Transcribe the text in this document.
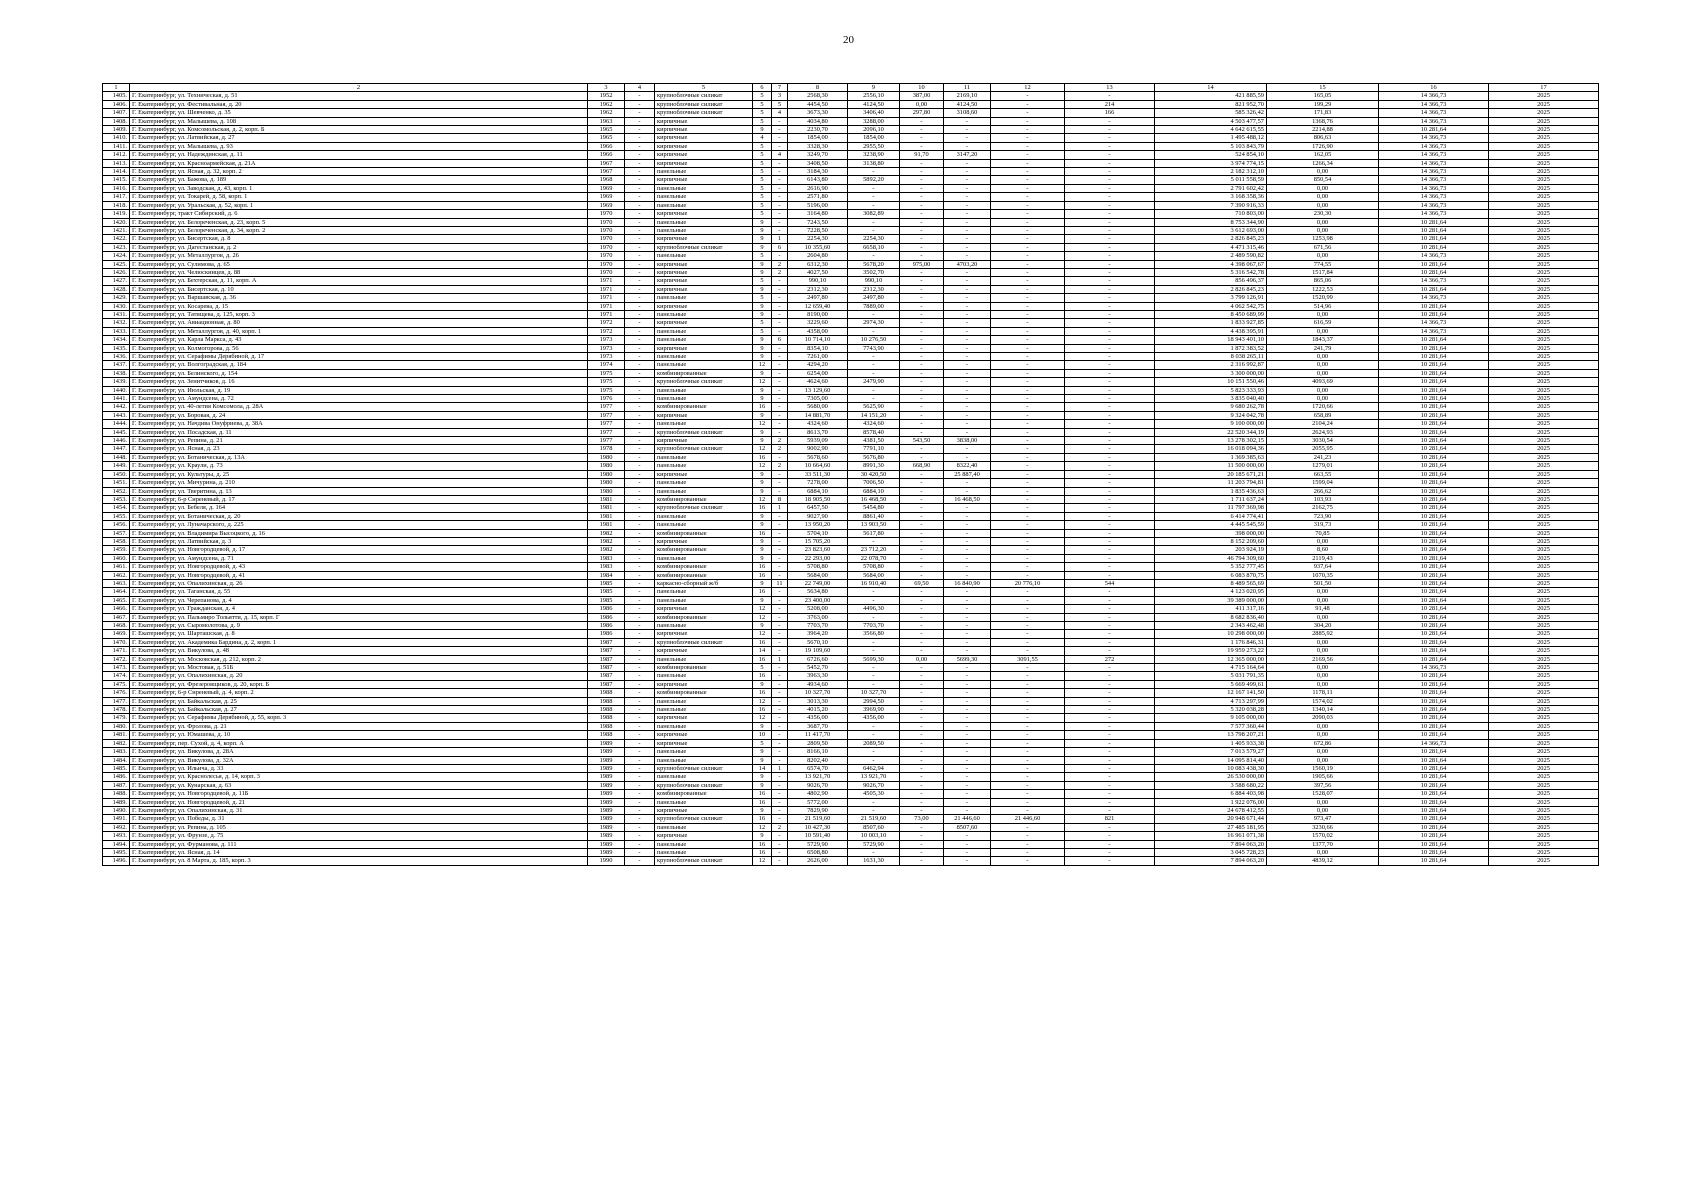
20
1	2	3	4	5	6	7	8	9	10	11	12	13	14	15	16	17
1405.	Г. Екатеринбург, ул. Техническая, д. 51	1952	-	крупноблочные силикат	5	3	2568,30	2556,10	387,00	2169,10	-	-	421 885,59	165,05	14 366,73	2025
1406.	Г. Екатеринбург, ул. Фестивальная, д. 20	1962	-	крупноблочные силикат	5	5	4454,50	4124,50	0,00	4124,50	-	214	821 952,70	199,29	14 366,73	2025
1407.	Г. Екатеринбург, ул. Шевченко, д. 35	1962	-	крупноблочные силикат	5	4	3673,30	3406,40	297,80	3108,60	-	166	585 326,42	171,83	14 366,73	2025
1408.	Г. Екатеринбург, ул. Малышева, д. 108	1963	-	кирпичные	5	-	4034,80	3288,00	-	-	-	-	4 503 477,57	1368,76	14 366,73	2025
1409.	Г. Екатеринбург, ул. Комсомольская, д. 2, корп. Б	1965	-	кирпичные	9	-	2230,70	2096,10	-	-	-	-	4 642 615,55	2214,88	10 281,64	2025
1410.	Г. Екатеринбург, ул. Латвийская, д. 27	1965	-	кирпичные	4	-	1854,00	1854,00	-	-	-	-	1 495 488,12	806,63	14 366,73	2025
1411.	Г. Екатеринбург, ул. Малышева, д. 93	1966	-	кирпичные	5	-	3328,30	2955,50	-	-	-	-	5 103 843,79	1726,90	14 366,73	2025
1412.	Г. Екатеринбург, ул. Надеждинская, д. 11	1966	-	кирпичные	5	4	3249,70	3238,90	91,70	3147,20	-	-	524 854,10	162,05	14 366,73	2025
1413.	Г. Екатеринбург, ул. Красноармейская, д. 21А	1967	-	кирпичные	5	-	3408,50	3138,80	-	-	-	-	3 974 774,15	1266,34	14 366,73	2025
1414.	Г. Екатеринбург, ул. Ясная, д. 32, корп. 2	1967	-	панельные	5	-	3184,30	-	-	-	-	-	2 182 312,10	0,00	14 366,73	2025
1415.	Г. Екатеринбург, ул. Бажова, д. 189	1968	-	кирпичные	5	-	6143,80	5892,20	-	-	-	-	5 011 558,59	850,54	14 366,73	2025
1416.	Г. Екатеринбург, ул. Заводская, д. 43, корп. 1	1969	-	панельные	5	-	2616,90	-	-	-	-	-	2 791 602,42	0,00	14 366,73	2025
1417.	Г. Екатеринбург, ул. Токарей, д. 58, корп. 1	1969	-	панельные	5	-	2571,80	-	-	-	-	-	3 168 358,36	0,00	14 366,73	2025
1418.	Г. Екатеринбург, ул. Уральская, д. 52, корп. 1	1969	-	панельные	5	-	5196,00	-	-	-	-	-	7 390 916,33	0,00	14 366,73	2025
1419.	Г. Екатеринбург, тракт Сибирский, д. 6	1970	-	кирпичные	5	-	3164,80	3082,89	-	-	-	-	710 803,00	230,30	14 366,73	2025
1420.	Г. Екатеринбург, ул. Белореченская, д. 23, корп. 5	1970	-	панельные	9	-	7243,50	-	-	-	-	-	8 753 344,90	0,00	10 281,64	2025
1421.	Г. Екатеринбург, ул. Белореченская, д. 34, корп. 2	1970	-	панельные	9	-	7228,50	-	-	-	-	-	3 612 693,00	0,00	10 281,64	2025
1422.	Г. Екатеринбург, ул. Бисертская, д. 8	1970	-	кирпичные	9	1	2254,30	2254,30	-	-	-	-	2 826 845,23	1253,98	10 281,64	2025
1423.	Г. Екатеринбург, ул. Дагестанская, д. 2	1970	-	крупноблочные силикат	9	6	10 355,60	6658,10	-	-	-	-	4 471 315,46	671,56	10 281,64	2025
1424.	Г. Екатеринбург, ул. Металлургов, д. 26	1970	-	панельные	5	-	2604,80	-	-	-	-	-	2 489 590,82	0,00	14 366,73	2025
1425.	Г. Екатеринбург, ул. Сулимова, д. 65	1970	-	кирпичные	9	2	6312,30	5678,20	975,00	4703,20	-	-	4 398 067,67	774,55	10 281,64	2025
1426.	Г. Екатеринбург, ул. Челюскинцев, д. 88	1970	-	кирпичные	9	2	4027,50	3502,70	-	-	-	-	5 316 542,78	1517,84	10 281,64	2025
1427.	Г. Екатеринбург, ул. Бехтерская, д. 11, корп. А	1971	-	кирпичные	5	-	990,10	990,10	-	-	-	-	856 496,37	865,06	14 366,73	2025
1428.	Г. Екатеринбург, ул. Бисертская, д. 10	1971	-	кирпичные	9	-	2312,30	2312,30	-	-	-	-	2 826 845,23	1222,53	10 281,64	2025
1429.	Г. Екатеринбург, ул. Варшавская, д. 36	1971	-	панельные	5	-	2497,80	2497,80	-	-	-	-	3 799 126,91	1520,99	14 366,73	2025
1430.	Г. Екатеринбург, ул. Косарева, д. 15	1971	-	кирпичные	9	-	12 659,40	7889,00	-	-	-	-	4 062 542,75	514,96	10 281,64	2025
1431.	Г. Екатеринбург, ул. Татищева, д. 125, корп. 3	1971	-	панельные	9	-	8190,00	-	-	-	-	-	8 450 689,99	0,00	10 281,64	2025
1432.	Г. Екатеринбург, ул. Авиационная, д. 80	1972	-	кирпичные	5	-	3229,60	2974,30	-	-	-	-	1 833 927,85	616,59	14 366,73	2025
1433.	Г. Екатеринбург, ул. Металлургов, д. 40, корп. 1	1972	-	панельные	5	-	4358,00	-	-	-	-	-	4 438 395,91	0,00	14 366,73	2025
1434.	Г. Екатеринбург, ул. Карла Маркса, д. 43	1973	-	панельные	9	6	10 714,10	10 276,50	-	-	-	-	18 943 401,10	1843,37	10 281,64	2025
1435.	Г. Екатеринбург, ул. Колмогорова, д. 56	1973	-	кирпичные	9	-	8354,10	7743,90	-	-	-	-	1 872 383,52	241,79	10 281,64	2025
1436.	Г. Екатеринбург, ул. Серафимы Дерябиной, д. 17	1973	-	панельные	9	-	7261,00	-	-	-	-	-	8 038 265,11	0,00	10 281,64	2025
1437.	Г. Екатеринбург, ул. Волгоградская, д. 184	1974	-	панельные	12	-	4294,20	-	-	-	-	-	2 316 992,87	0,00	10 281,64	2025
1438.	Г. Екатеринбург, ул. Белинского, д. 154	1975	-	комбинированные	9	-	6254,00	-	-	-	-	-	3 300 000,00	0,00	10 281,64	2025
1439.	Г. Екатеринбург, ул. Зенитчиков, д. 16	1975	-	крупноблочные силикат	12	-	4624,60	2479,90	-	-	-	-	10 151 550,46	4093,69	10 281,64	2025
1440.	Г. Екатеринбург, ул. Июльская, д. 19	1975	-	панельные	9	-	13 129,60	-	-	-	-	-	5 823 333,93	0,00	10 281,64	2025
1441.	Г. Екатеринбург, ул. Амундсена, д. 72	1976	-	панельные	9	-	7305,00	-	-	-	-	-	3 835 040,40	0,00	10 281,64	2025
1442.	Г. Екатеринбург, ул. 40-летия Комсомола, д. 28А	1977	-	комбинированные	16	-	5680,00	5625,90	-	-	-	-	9 680 262,78	1720,66	10 281,64	2025
1443.	Г. Екатеринбург, ул. Боровая, д. 24	1977	-	кирпичные	9	-	14 881,70	14 151,20	-	-	-	-	9 324 042,78	658,89	10 281,64	2025
1444.	Г. Екатеринбург, ул. Начдива Онуфриева, д. 38А	1977	-	панельные	12	-	4324,60	4324,60	-	-	-	-	9 100 000,00	2104,24	10 281,64	2025
1445.	Г. Екатеринбург, ул. Посадская, д. 11	1977	-	крупноблочные силикат	9	-	8613,70	8578,40	-	-	-	-	22 520 344,19	2624,93	10 281,64	2025
1446.	Г. Екатеринбург, ул. Репина, д. 21	1977	-	кирпичные	9	2	5939,09	4381,50	543,50	3838,00	-	-	13 278 302,15	3030,54	10 281,64	2025
1447.	Г. Екатеринбург, ул. Ясная, д. 23	1978	-	крупноблочные силикат	12	2	9002,90	7791,10	-	-	-	-	16 018 094,36	2055,95	10 281,64	2025
1448.	Г. Екатеринбург, ул. Ботаническая, д. 13А	1980	-	панельные	16	-	5678,60	5676,80	-	-	-	-	1 369 385,63	241,23	10 281,64	2025
1449.	Г. Екатеринбург, ул. Краули, д. 73	1980	-	панельные	12	2	10 664,60	8991,30	668,90	8322,40	-	-	11 500 000,00	1279,01	10 281,64	2025
1450.	Г. Екатеринбург, ул. Культуры, д. 25	1980	-	кирпичные	9	-	33 511,30	30 420,50	-	25 887,40	-	-	20 185 671,21	663,55	10 281,64	2025
1451.	Г. Екатеринбург, ул. Мичурина, д. 210	1980	-	панельные	9	-	7278,00	7006,50	-	-	-	-	11 203 794,81	1599,04	10 281,64	2025
1452.	Г. Екатеринбург, ул. Тверитина, д. 13	1980	-	панельные	9	-	6884,10	6884,10	-	-	-	-	1 835 436,63	266,62	10 281,64	2025
1453.	Г. Екатеринбург, 6-р Сиреневый, д. 17	1981	-	комбинированные	12	8	18 905,50	16 468,50	-	16 468,50	-	-	1 711 637,24	103,93	10 281,64	2025
1454.	Г. Екатеринбург, ул. Бебеля, д. 164	1981	-	крупноблочные силикат	16	1	6457,50	5454,80	-	-	-	-	11 797 369,98	2162,75	10 281,64	2025
1455.	Г. Екатеринбург, ул. Ботаническая, д. 20	1981	-	панельные	9	-	9027,90	8861,40	-	-	-	-	6 414 774,41	723,90	10 281,64	2025
1456.	Г. Екатеринбург, ул. Луначарского, д. 225	1981	-	панельные	9	-	13 950,20	13 903,50	-	-	-	-	4 445 545,59	319,73	10 281,64	2025
1457.	Г. Екатеринбург, ул. Владимира Высоцкого, д. 16	1982	-	комбинированные	16	-	5704,10	5617,80	-	-	-	-	398 000,00	70,85	10 281,64	2025
1458.	Г. Екатеринбург, ул. Латвийская, д. 3	1982	-	кирпичные	9	-	15 705,20	-	-	-	-	-	8 152 209,60	0,00	10 281,64	2025
1459.	Г. Екатеринбург, ул. Новгородцевой, д. 17	1982	-	комбинированные	9	-	23 823,60	23 712,20	-	-	-	-	203 924,19	8,60	10 281,64	2025
1460.	Г. Екатеринбург, ул. Амундсена, д. 71	1983	-	панельные	9	-	22 293,00	22 078,70	-	-	-	-	46 794 309,60	2119,43	10 281,64	2025
1461.	Г. Екатеринбург, ул. Новгородцевой, д. 43	1983	-	комбинированные	16	-	5708,80	5708,80	-	-	-	-	5 352 777,45	937,64	10 281,64	2025
1462.	Г. Екатеринбург, ул. Новгородцевой, д. 41	1984	-	комбинированные	16	-	5684,00	5684,00	-	-	-	-	6 083 870,75	1070,35	10 281,64	2025
1463.	Г. Екатеринбург, ул. Опалихинская, д. 26	1985	-	каркасно-сборный ж/б	9	11	22 749,00	16 910,40	69,50	16 840,90	20 776,10	544	8 489 565,69	501,50	10 281,64	2025
1464.	Г. Екатеринбург, ул. Таганская, д. 55	1985	-	панельные	16	-	5634,80	-	-	-	-	-	4 123 020,95	0,00	10 281,64	2025
1465.	Г. Екатеринбург, ул. Черепанова, д. 4	1985	-	панельные	9	-	23 400,00	-	-	-	-	-	39 389 000,00	0,00	10 281,64	2025
1466.	Г. Екатеринбург, ул. Гражданская, д. 4	1986	-	кирпичные	12	-	5208,00	4496,30	-	-	-	-	411 317,16	91,48	10 281,64	2025
1467.	Г. Екатеринбург, ул. Пальмиро Тольятти, д. 15, корп. Г	1986	-	комбинированные	12	-	3763,00	-	-	-	-	-	8 682 836,40	0,00	10 281,64	2025
1468.	Г. Екатеринбург, ул. Сыромолотова, д. 9	1986	-	панельные	9	-	7703,70	7703,70	-	-	-	-	2 343 462,48	304,20	10 281,64	2025
1469.	Г. Екатеринбург, ул. Шарташская, д. 8	1986	-	кирпичные	12	-	3964,20	3566,80	-	-	-	-	10 298 000,00	2885,92	10 281,64	2025
1470.	Г. Екатеринбург, ул. Академика Бардина, д. 2, корп. 1	1987	-	крупноблочные силикат	16	-	5670,10	-	-	-	-	-	1 176 846,31	0,00	10 281,64	2025
1471.	Г. Екатеринбург, ул. Викулова, д. 48	1987	-	кирпичные	14	-	19 109,60	-	-	-	-	-	19 959 273,22	0,00	10 281,64	2025
1472.	Г. Екатеринбург, ул. Московская, д. 212, корп. 2	1987	-	панельные	16	1	6726,60	5699,30	0,00	5699,30	3091,55	272	12 365 000,00	2169,56	10 281,64	2025
1473.	Г. Екатеринбург, ул. Мостовая, д. 51Б	1987	-	комбинированные	5	-	5452,70	-	-	-	-	-	4 715 164,64	0,00	14 366,73	2025
1474.	Г. Екатеринбург, ул. Опалихинская, д. 20	1987	-	панельные	16	-	3963,30	-	-	-	-	-	5 031 791,35	0,00	10 281,64	2025
1475.	Г. Екатеринбург, ул. Фрезеровщиков, д. 20, корп. Б	1987	-	кирпичные	9	-	4934,60	-	-	-	-	-	5 669 499,61	0,00	10 281,64	2025
1476.	Г. Екатеринбург, 6-р Сиреневый, д. 4, корп. 2	1988	-	комбинированные	16	-	10 327,70	10 327,70	-	-	-	-	12 167 141,50	1178,11	10 281,64	2025
1477.	Г. Екатеринбург, ул. Байкальская, д. 25	1988	-	панельные	12	-	3013,30	2994,50	-	-	-	-	4 713 297,99	1574,02	10 281,64	2025
1478.	Г. Екатеринбург, ул. Байкальская, д. 27	1988	-	панельные	16	-	4015,20	3969,90	-	-	-	-	5 320 038,28	1340,14	10 281,64	2025
1479.	Г. Екатеринбург, ул. Серафимы Дерябиной, д. 55, корп. 3	1988	-	кирпичные	12	-	4356,00	4356,00	-	-	-	-	9 105 000,00	2090,03	10 281,64	2025
1480.	Г. Екатеринбург, ул. Фролова, д. 21	1988	-	панельные	9	-	3687,70	-	-	-	-	-	7 577 360,44	0,00	10 281,64	2025
1481.	Г. Екатеринбург, ул. Юмашева, д. 10	1988	-	кирпичные	10	-	11 417,70	-	-	-	-	-	13 798 207,21	0,00	10 281,64	2025
1482.	Г. Екатеринбург, пер. Сухой, д. 4, корп. А	1989	-	кирпичные	5	-	2809,50	2089,50	-	-	-	-	1 405 933,38	672,86	14 366,73	2025
1483.	Г. Екатеринбург, ул. Викулова, д. 28А	1989	-	панельные	9	-	8166,10	-	-	-	-	-	7 013 579,27	0,00	10 281,64	2025
1484.	Г. Екатеринбург, ул. Викулова, д. 32А	1989	-	панельные	9	-	8202,40	-	-	-	-	-	14 095 814,40	0,00	10 281,64	2025
1485.	Г. Екатеринбург, ул. Ильича, д. 33	1989	-	крупноблочные силикат	14	1	6574,70	6462,94	-	-	-	-	10 083 438,30	1560,19	10 281,64	2025
1486.	Г. Екатеринбург, ул. Краснолесья, д. 14, корп. 3	1989	-	панельные	9	-	13 921,70	13 921,70	-	-	-	-	26 530 000,00	1905,66	10 281,64	2025
1487.	Г. Екатеринбург, ул. Кунарская, д. 63	1989	-	крупноблочные силикат	9	-	9026,70	9026,70	-	-	-	-	3 588 680,22	397,56	10 281,64	2025
1488.	Г. Екатеринбург, ул. Новгородцевой, д. 11Б	1989	-	комбинированные	16	-	4802,90	4505,30	-	-	-	-	6 884 403,98	1528,07	10 281,64	2025
1489.	Г. Екатеринбург, ул. Новгородцевой, д. 21	1989	-	панельные	16	-	5772,00	-	-	-	-	-	1 922 076,00	0,00	10 281,64	2025
1490.	Г. Екатеринбург, ул. Опалихинская, д. 31	1989	-	кирпичные	9	-	7829,90	-	-	-	-	-	24 678 412,55	0,00	10 281,64	2025
1491.	Г. Екатеринбург, ул. Победы, д. 31	1989	-	крупноблочные силикат	16	-	21 519,60	21 519,60	73,00	21 446,60	21 446,60	821	20 948 671,44	973,47	10 281,64	2025
1492.	Г. Екатеринбург, ул. Репина, д. 105	1989	-	панельные	12	2	10 427,30	8507,60	-	8507,60	-	-	27 485 181,95	3230,66	10 281,64	2025
1493.	Г. Екатеринбург, ул. Фрунзе, д. 75	1989	-	кирпичные	9	-	10 591,40	10 003,10	-	-	-	-	16 961 071,38	1570,02	10 281,64	2025
1494.	Г. Екатеринбург, ул. Фурманова, д. 111	1989	-	панельные	16	-	5729,90	5729,90	-	-	-	-	7 894 063,20	1377,70	10 281,64	2025
1495.	Г. Екатеринбург, ул. Ясная, д. 14	1989	-	панельные	16	-	6508,80	-	-	-	-	-	3 045 728,23	0,00	10 281,64	2025
1496.	Г. Екатеринбург, ул. 8 Марта, д. 185, корп. 3	1990	-	крупноблочные силикат	12	-	2626,00	1631,30	-	-	-	-	7 894 063,20	4839,12	10 281,64	2025
